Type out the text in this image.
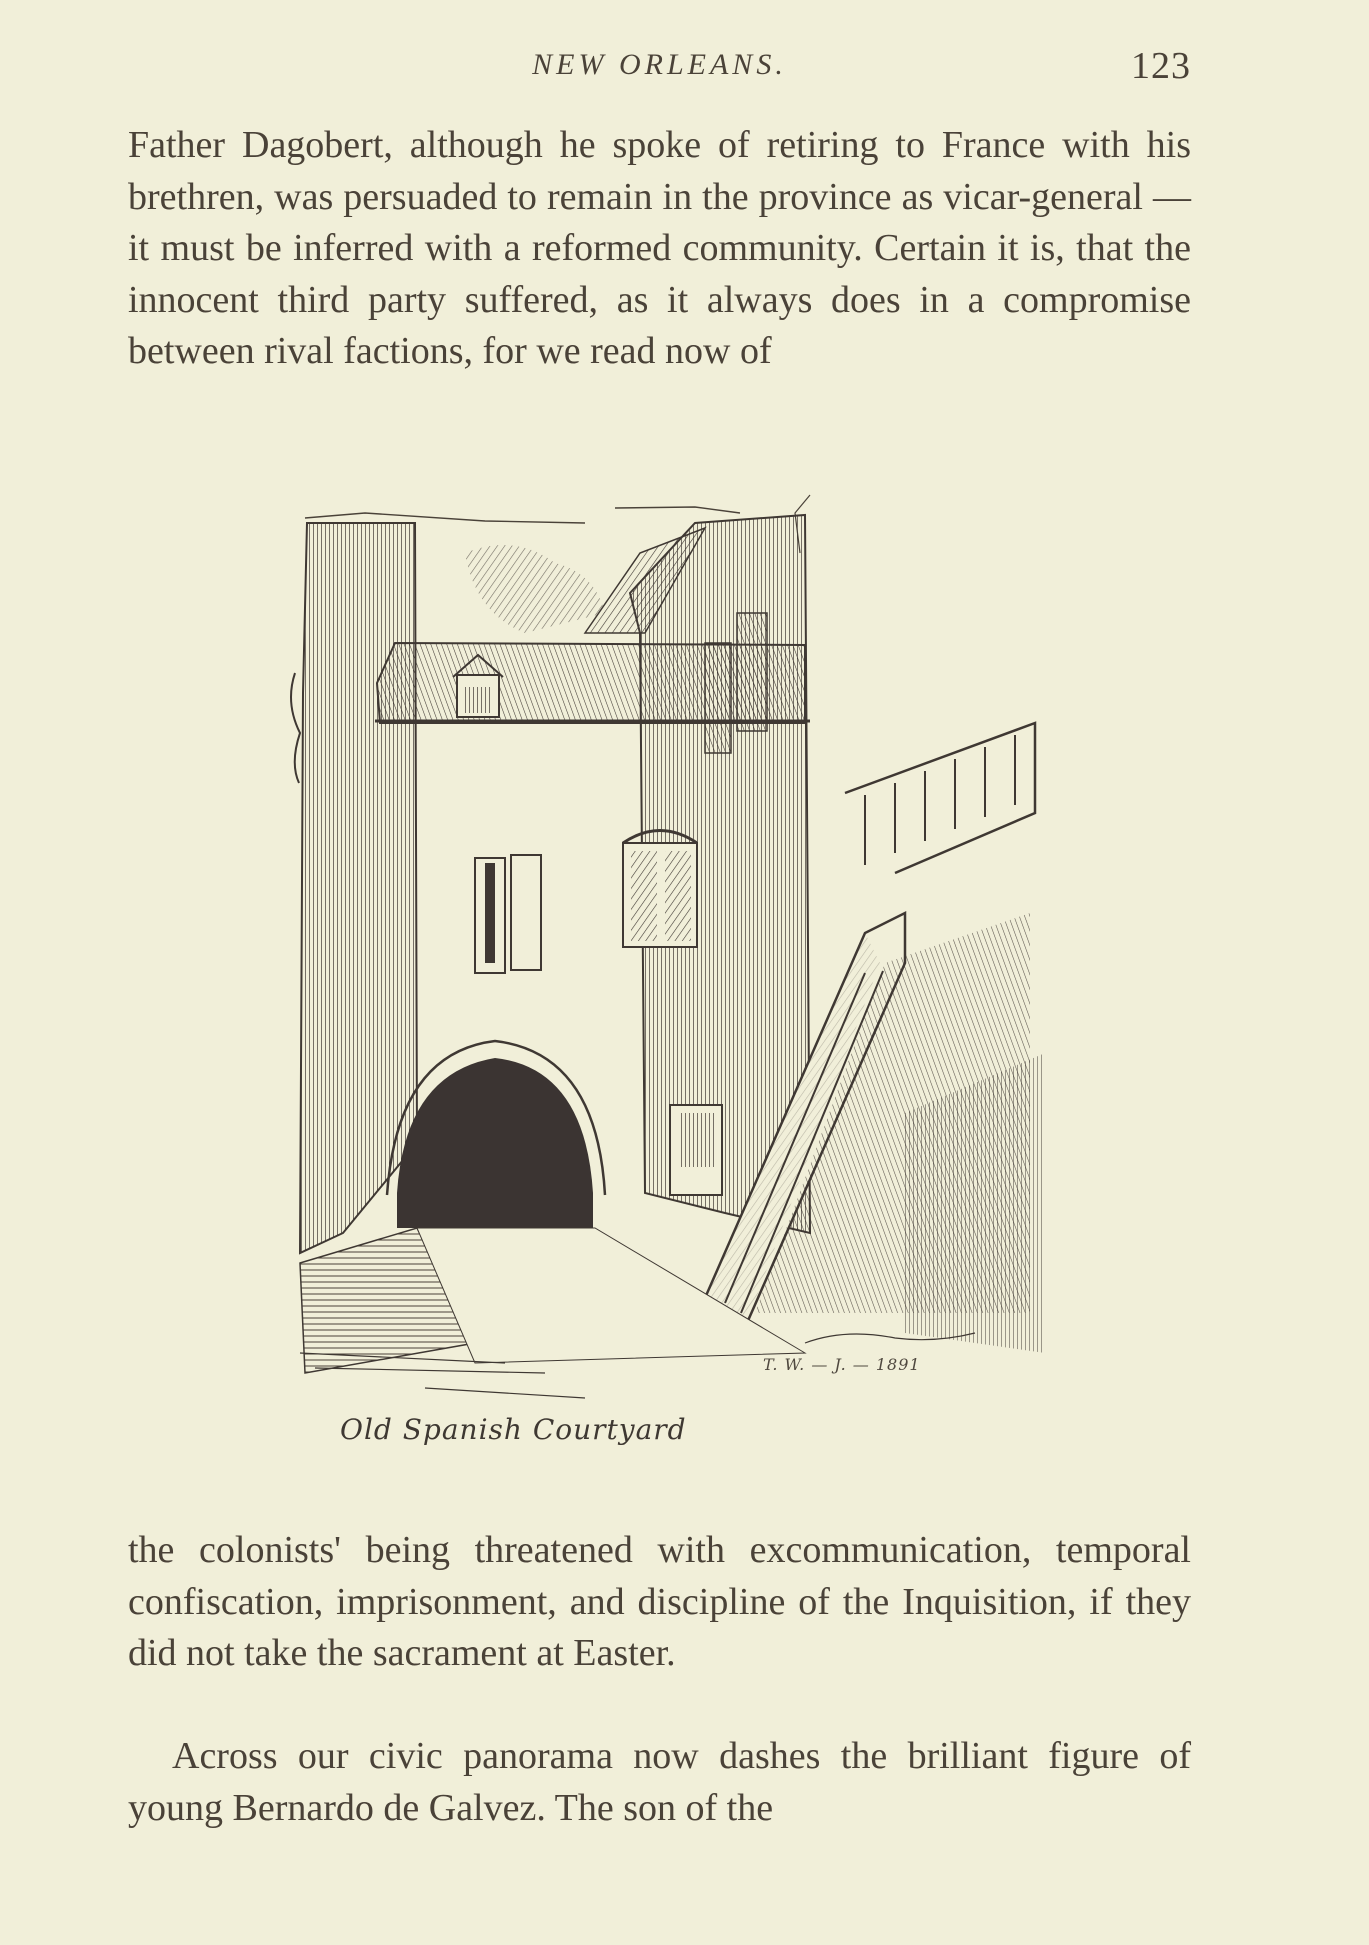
NEW ORLEANS.	123

Father Dagobert, although he spoke of retiring to France with his brethren, was persuaded to remain in the province as vicar-general — it must be inferred with a reformed community. Certain it is, that the innocent third party suffered, as it always does in a compromise between rival factions, for we read now of

T. W. — J. — 1891
Old Spanish Courtyard

the colonists' being threatened with excommunication, temporal confiscation, imprisonment, and discipline of the Inquisition, if they did not take the sacrament at Easter.

Across our civic panorama now dashes the brilliant figure of young Bernardo de Galvez. The son of the
